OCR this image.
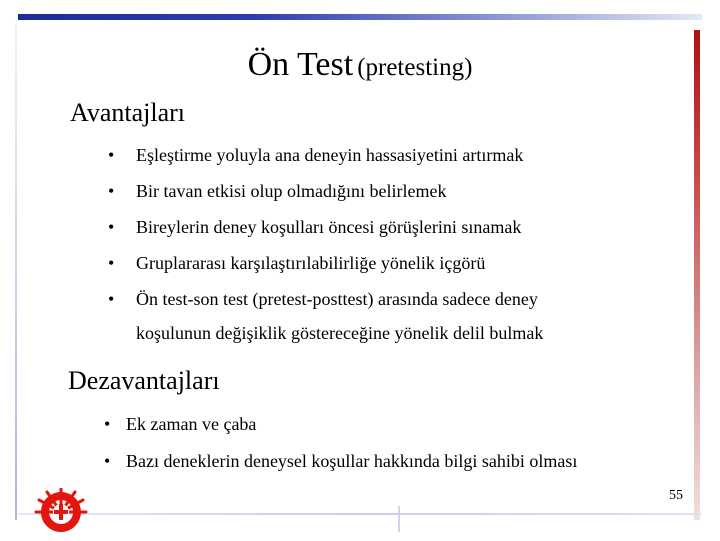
Ön Test (pretesting)
Avantajları
• Eşleştirme yoluyla ana deneyin hassasiyetini artırmak
• Bir tavan etkisi olup olmadığını belirlemek
• Bireylerin deney koşulları öncesi görüşlerini sınamak
• Gruplararası karşılaştırılabilirliğe yönelik içgörü
• Ön test-son test (pretest-posttest) arasında sadece deney
koşulunun değişiklik göstereceğine yönelik delil bulmak
Dezavantajları
• Ek zaman ve çaba
• Bazı deneklerin deneysel koşullar hakkında bilgi sahibi olması
55
